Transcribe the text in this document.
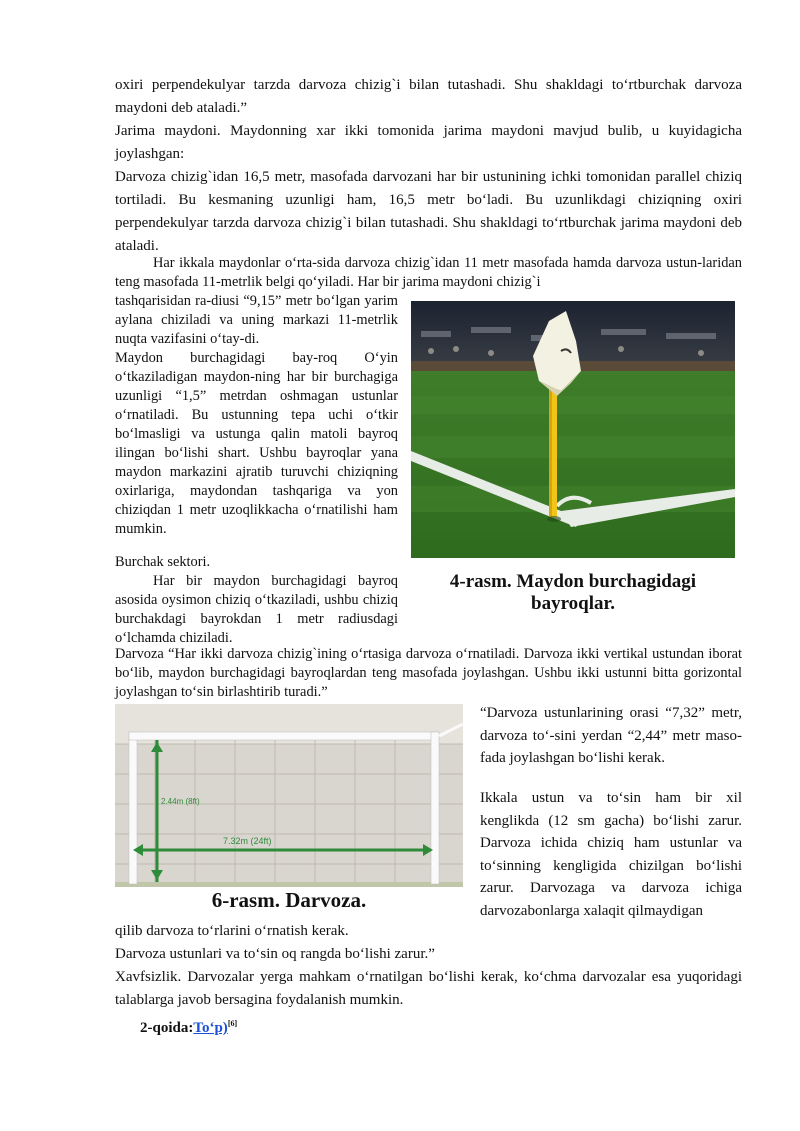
oxiri perpendekulyar tarzda darvoza chizig`i bilan tutashadi. Shu shakldagi to‘rtburchak darvoza maydoni deb ataladi.”

Jarima maydoni. Maydonning xar ikki tomonida jarima maydoni mavjud bulib, u kuyidagicha joylashgan:

Darvoza chizig`idan 16,5 metr, masofada darvozani har bir ustunining ichki tomonidan parallel chiziq tortiladi. Bu kesmaning uzunligi ham, 16,5 metr bo‘ladi. Bu uzunlikdagi chiziqning oxiri perpendekulyar tarzda darvoza chizig`i bilan tutashadi. Shu shakldagi to‘rtburchak jarima maydoni deb ataladi.

Har ikkala maydonlar o‘rta-sida darvoza chizig`idan 11 metr masofada hamda darvoza ustun-laridan teng masofada 11-metrlik belgi qo‘yiladi. Har bir jarima maydoni chizig`i

tashqarisidan ra-diusi “9,15” metr bo‘lgan yarim aylana chiziladi va uning markazi 11-metrlik nuqta vazifasini o‘tay-di.

Maydon burchagidagi bay-roq O‘yin o‘tkaziladigan maydon-ning har bir burchagiga uzunligi “1,5” metrdan oshmagan ustunlar o‘rnatiladi. Bu ustunning tepa uchi o‘tkir bo‘lmasligi va ustunga qalin matoli bayroq ilingan bo‘lishi shart. Ushbu bayroqlar yana maydon markazini ajratib turuvchi chiziqning oxirlariga, maydondan tashqariga va yon chiziqdan 1 metr uzoqlikkacha o‘rnatilishi ham mumkin.

Burchak sektori.

Har bir maydon burchagidagi bayroq asosida oysimon chiziq o‘tkaziladi, ushbu chiziq burchakdagi bayrokdan 1 metr radiusdagi o‘lchamda chiziladi.

4-rasm. Maydon burchagidagi
bayroqlar.

Darvoza “Har ikki darvoza chizig`ining o‘rtasiga darvoza o‘rnatiladi. Darvoza ikki vertikal ustundan iborat bo‘lib, maydon burchagidagi bayroqlardan teng masofada joylashgan. Ushbu ikki ustunni bitta gorizontal joylashgan to‘sin birlashtirib turadi.”

2.44m (8ft)
7.32m (24ft)
6-rasm. Darvoza.

“Darvoza ustunlarining orasi “7,32” metr, darvoza to‘-sini yerdan “2,44” metr maso-fada joylashgan bo‘lishi kerak.

Ikkala ustun va to‘sin ham bir xil kenglikda (12 sm gacha) bo‘lishi zarur. Darvoza ichida chiziq ham ustunlar va to‘sinning kengligida chizilgan bo‘lishi zarur. Darvozaga va darvoza ichiga darvozabonlarga xalaqit qilmaydigan

qilib darvoza to‘rlarini o‘rnatish kerak.

Darvoza ustunlari va to‘sin oq rangda bo‘lishi zarur.”

Xavfsizlik. Darvozalar yerga mahkam o‘rnatilgan bo‘lishi kerak, ko‘chma darvozalar esa yuqoridagi talablarga javob bersagina foydalanish mumkin.

2-qoida:To‘p)[6]
